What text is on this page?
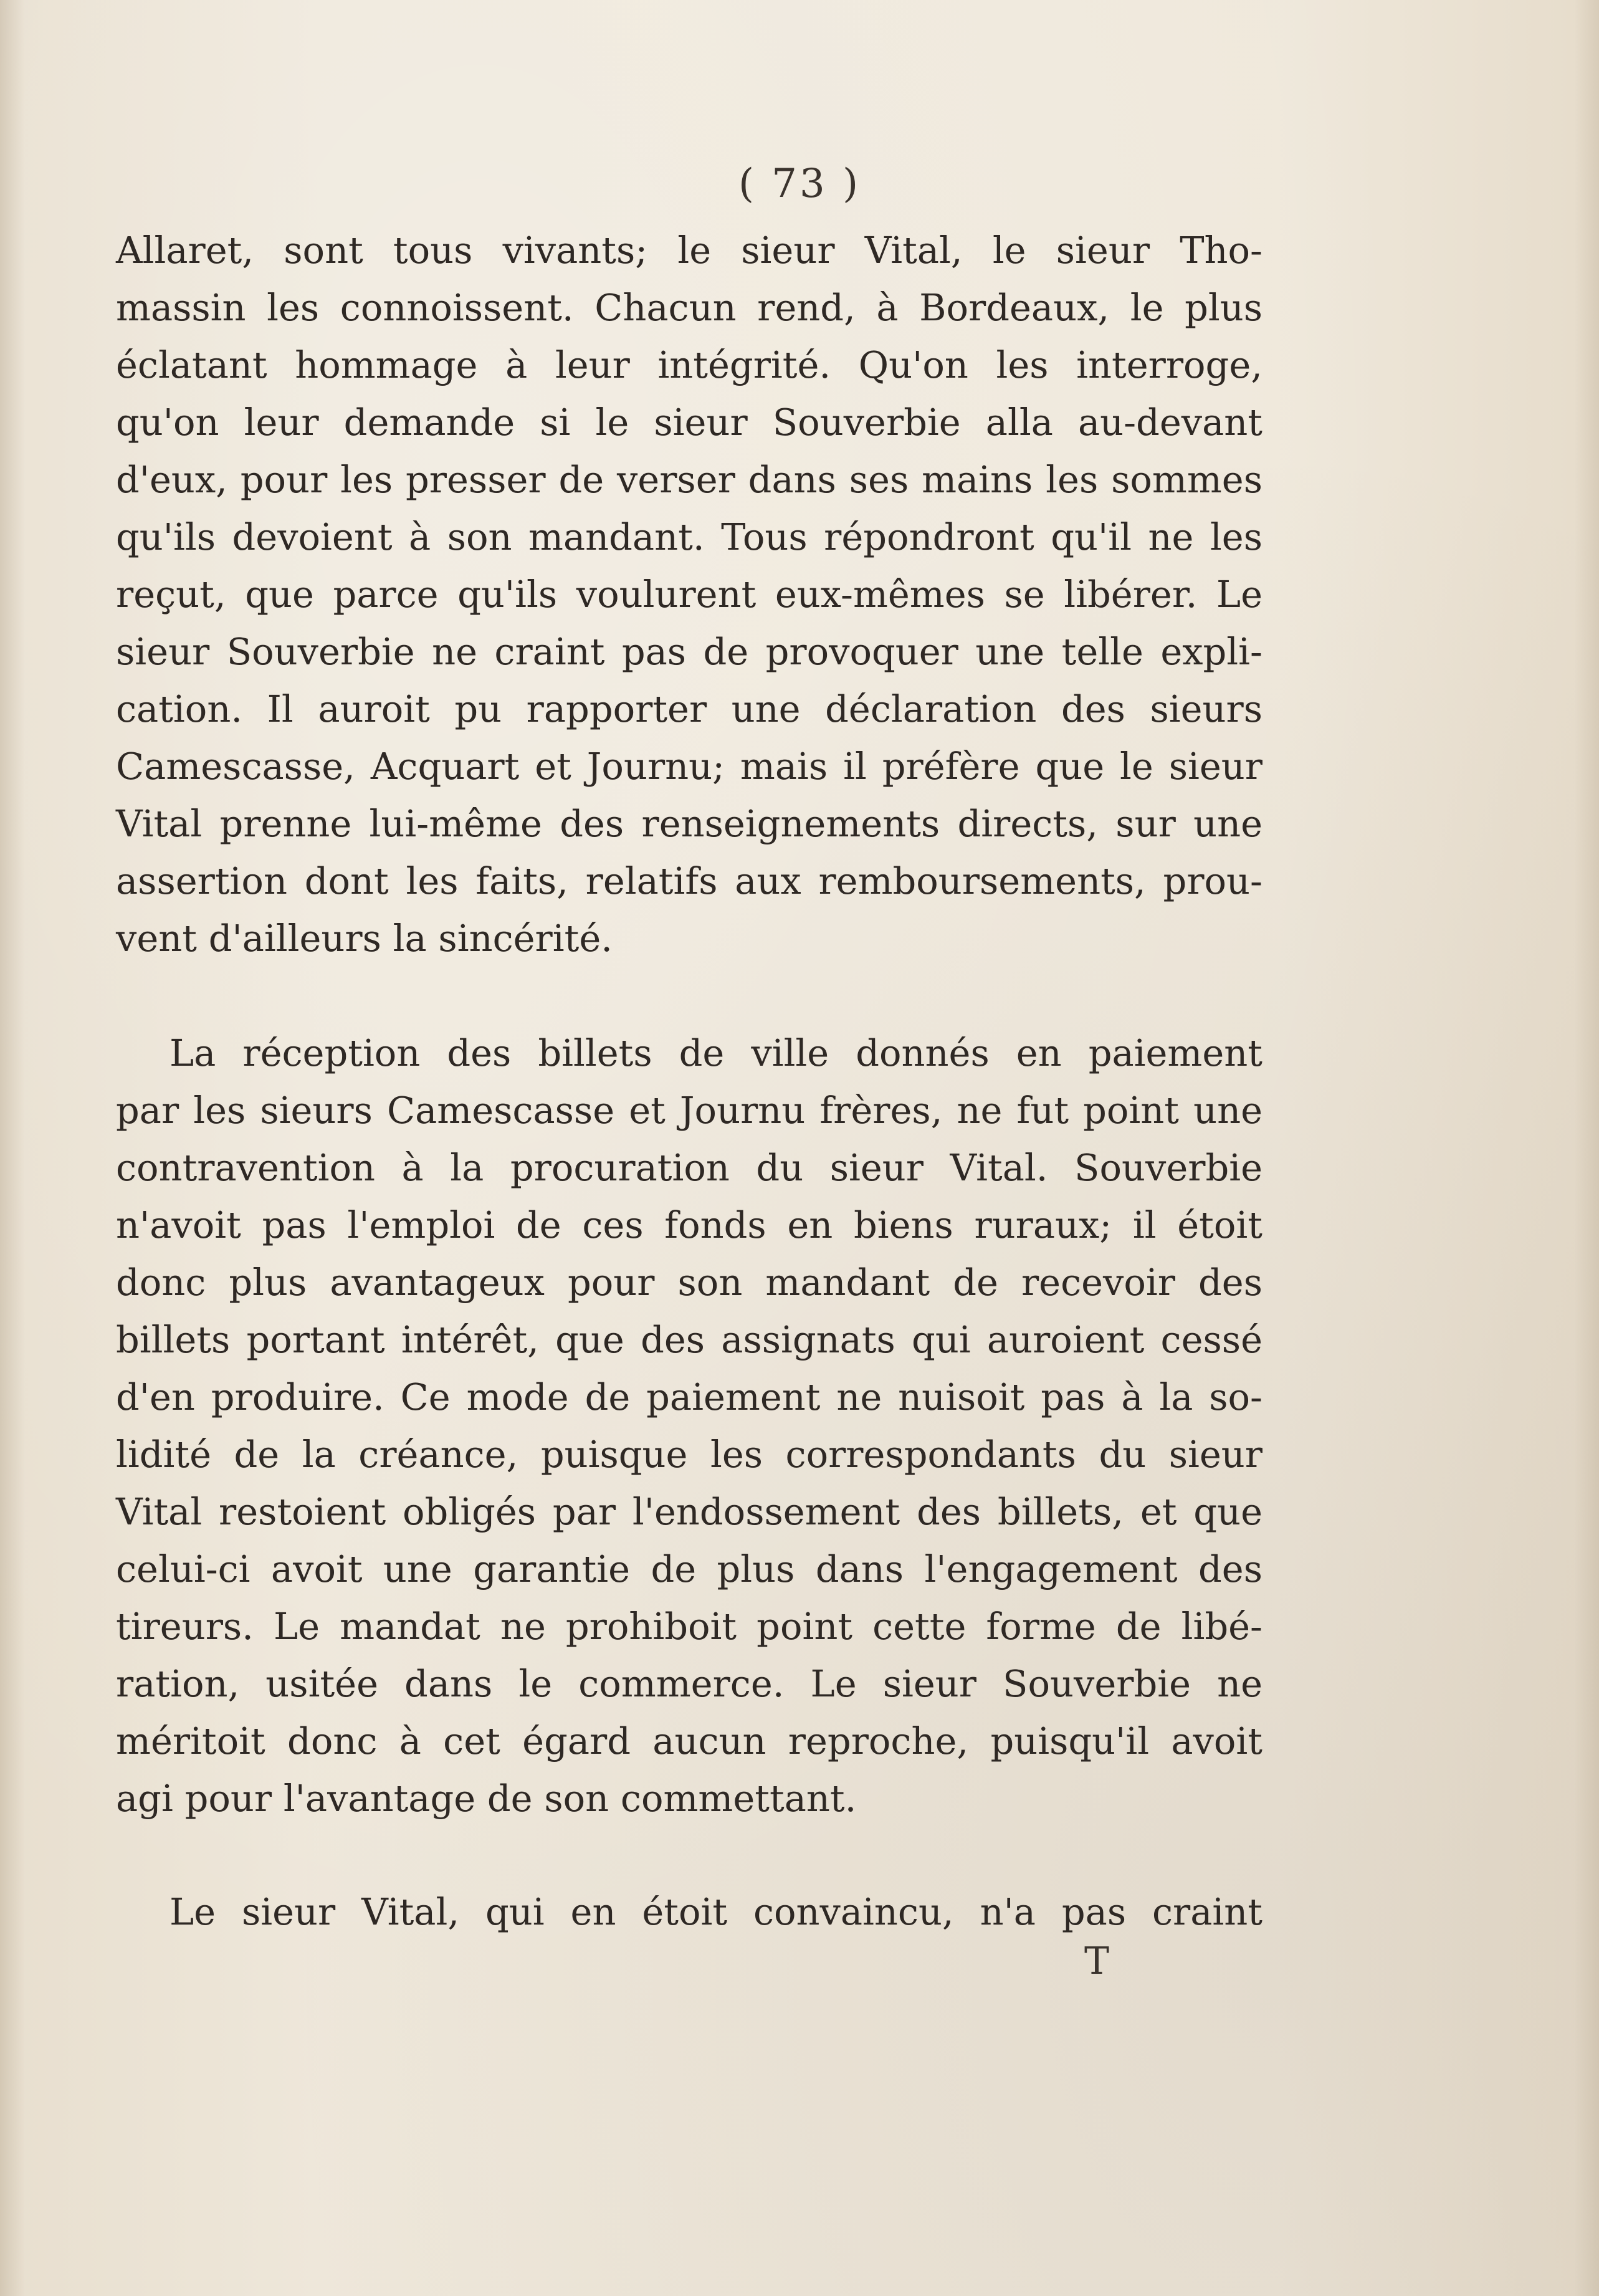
( 73 )
Allaret, sont tous vivants; le sieur Vital, le sieur Tho-
massin les connoissent. Chacun rend, à Bordeaux, le plus
éclatant hommage à leur intégrité. Qu'on les interroge,
qu'on leur demande si le sieur Souverbie alla au-devant
d'eux, pour les presser de verser dans ses mains les sommes
qu'ils devoient à son mandant. Tous répondront qu'il ne les
reçut, que parce qu'ils voulurent eux-mêmes se libérer. Le
sieur Souverbie ne craint pas de provoquer une telle expli-
cation. Il auroit pu rapporter une déclaration des sieurs
Camescasse, Acquart et Journu; mais il préfère que le sieur
Vital prenne lui-même des renseignements directs, sur une
assertion dont les faits, relatifs aux remboursements, prou-
vent d'ailleurs la sincérité.
La réception des billets de ville donnés en paiement
par les sieurs Camescasse et Journu frères, ne fut point une
contravention à la procuration du sieur Vital. Souverbie
n'avoit pas l'emploi de ces fonds en biens ruraux; il étoit
donc plus avantageux pour son mandant de recevoir des
billets portant intérêt, que des assignats qui auroient cessé
d'en produire. Ce mode de paiement ne nuisoit pas à la so-
lidité de la créance, puisque les correspondants du sieur
Vital restoient obligés par l'endossement des billets, et que
celui-ci avoit une garantie de plus dans l'engagement des
tireurs. Le mandat ne prohiboit point cette forme de libé-
ration, usitée dans le commerce. Le sieur Souverbie ne
méritoit donc à cet égard aucun reproche, puisqu'il avoit
agi pour l'avantage de son commettant.
Le sieur Vital, qui en étoit convaincu, n'a pas craint
T
